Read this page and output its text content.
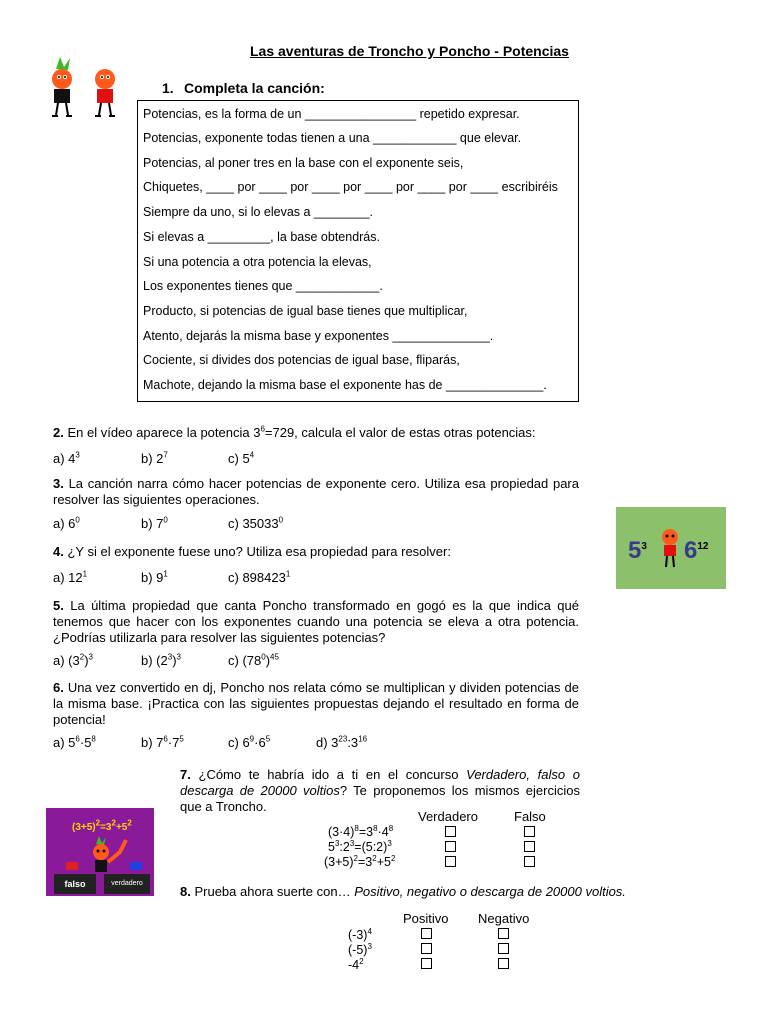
Las aventuras de Troncho y Poncho - Potencias
1. Completa la canción:
Potencias, es la forma de un ________________ repetido expresar.
Potencias, exponente todas tienen a una ____________ que elevar.
Potencias, al poner tres en la base con el exponente seis,
Chiquetes, ____ por ____ por ____ por ____ por ____ por ____ escribiréis
Siempre da uno, si lo elevas a ________.
Si elevas a _________, la base obtendrás.
Si una potencia a otra potencia la elevas,
Los exponentes tienes que ____________.
Producto, si potencias de igual base tienes que multiplicar,
Atento, dejarás la misma base y exponentes ______________.
Cociente, si divides dos potencias de igual base, fliparás,
Machote, dejando la misma base el exponente has de ______________.
2. En el vídeo aparece la potencia $3^6=729$, calcula el valor de estas otras potencias:
a) $4^3$	b) $2^7$	c) $5^4$
3. La canción narra cómo hacer potencias de exponente cero. Utiliza esa propiedad para resolver las siguientes operaciones.
a) $6^0$	b) $7^0$	c) 35033$^0$
4. ¿Y si el exponente fuese uno? Utiliza esa propiedad para resolver:
a) $12^1$	b) $9^1$	c) 898423$^1$
5. La última propiedad que canta Poncho transformado en gogó es la que indica qué tenemos que hacer con los exponentes cuando una potencia se eleva a otra potencia. ¿Podrías utilizarla para resolver las siguientes potencias?
a) $(3^2)^3$	b) $(2^3)^3$	c) $(78^0)^{45}$
6. Una vez convertido en dj, Poncho nos relata cómo se multiplican y dividen potencias de la misma base. ¡Practica con las siguientes propuestas dejando el resultado en forma de potencia!
a) $5^6\cdot 5^8$	b) $7^6\cdot 7^5$	c) $6^9\cdot 6^5$	d) $3^{23}:3^{16}$
$5^3$ $6^{12}$
$(3+5)^2=3^2+5^2$
falso	verdadero
7. ¿Cómo te habría ido a ti en el concurso Verdadero, falso o descarga de 20000 voltios? Te proponemos los mismos ejercicios que a Troncho.
Verdadero	Falso
$(3\cdot 4)^8=3^8\cdot 4^8$
$5^3:2^3=(5:2)^3$
$(3+5)^2=3^2+5^2$
8. Prueba ahora suerte con… Positivo, negativo o descarga de 20000 voltios.
Positivo Negativo
$(-3)^4$
$(-5)^3$
$-4^2$
